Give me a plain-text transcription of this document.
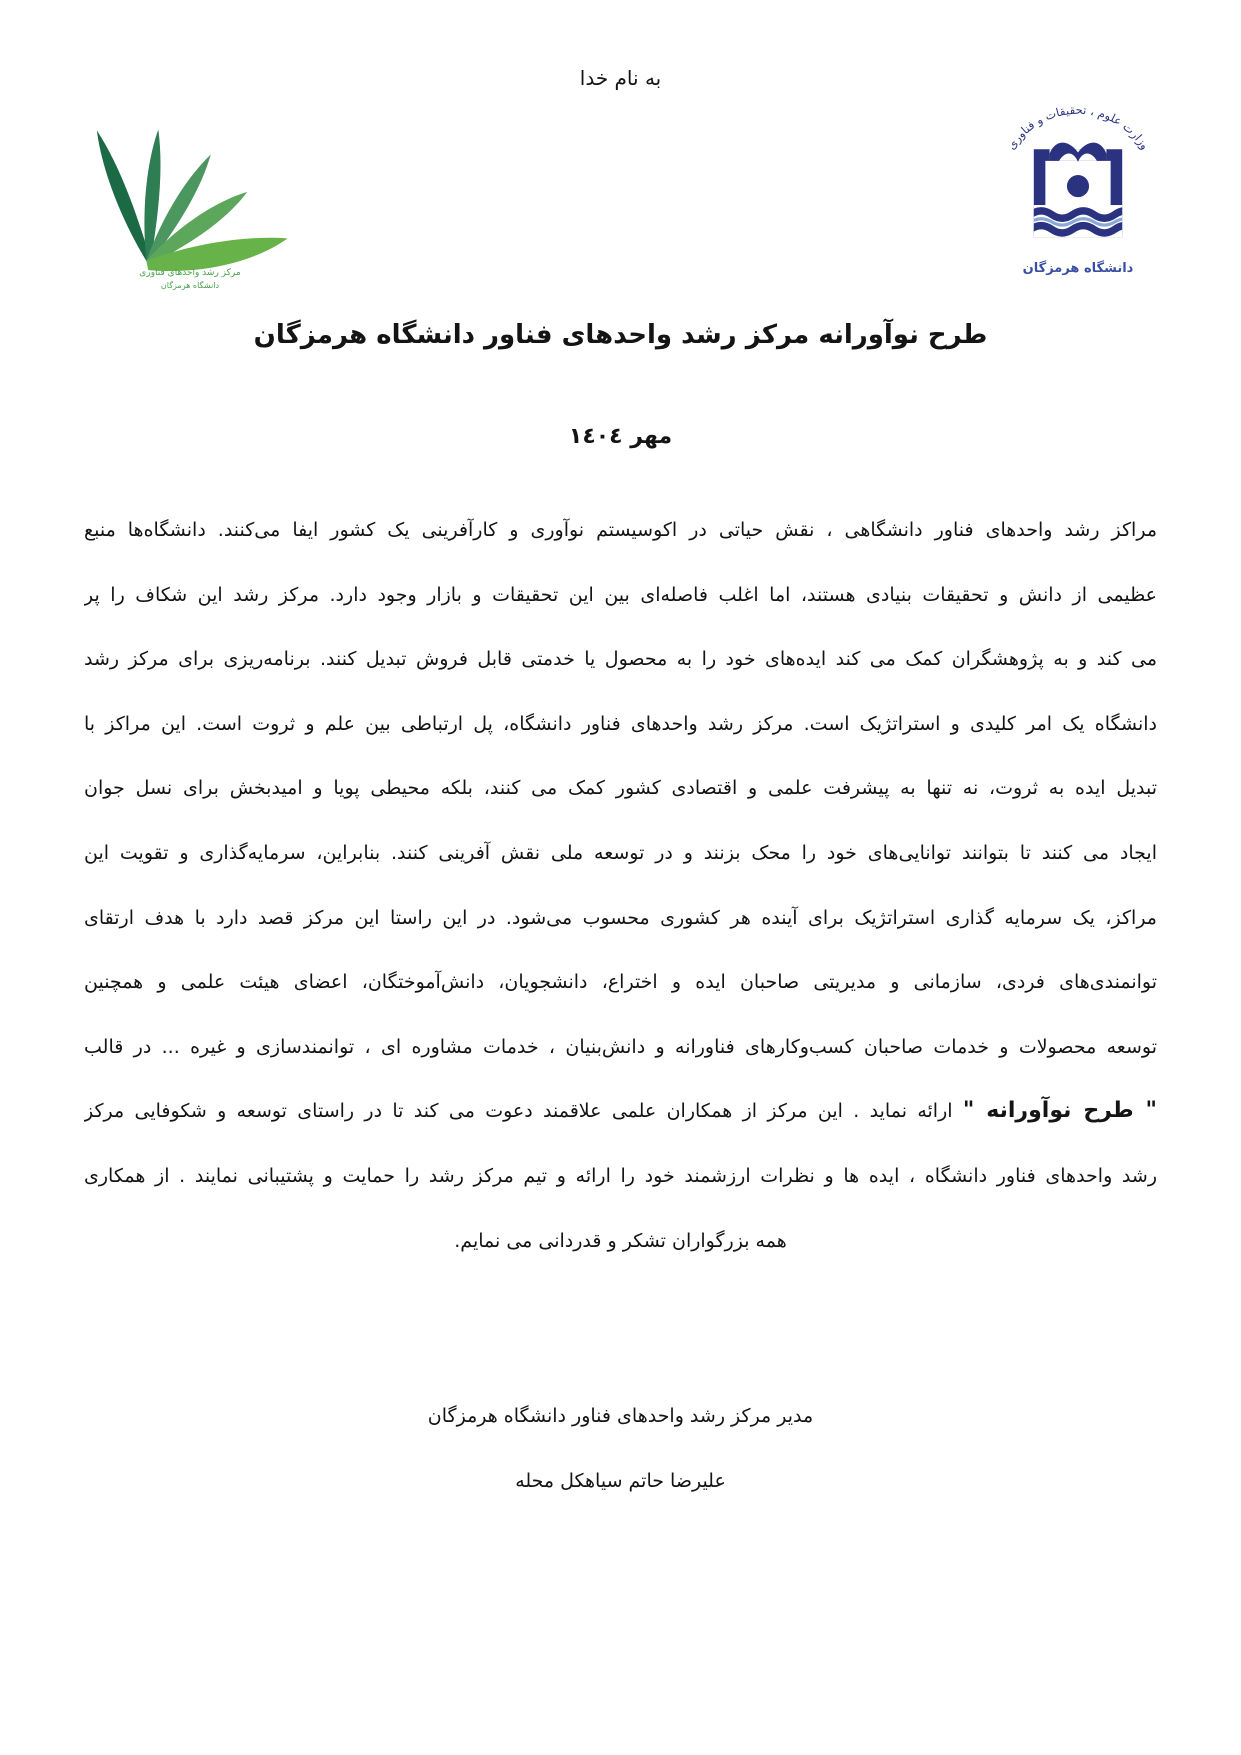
به نام خدا
مرکز رشد واحدهای فناوری
دانشگاه هرمزگان
وزارت علوم ، تحقیقات و فناوری
دانشگاه هرمزگان
طرح نوآورانه مرکز رشد واحدهای فناور دانشگاه هرمزگان
مهر ١٤٠٤
مراکز رشد واحدهای فناور دانشگاهی ، نقش حیاتی در اکوسیستم نوآوری و کارآفرینی یک کشور ایفا می‌کنند. دانشگاه‌ها منبع
عظیمی از دانش و تحقیقات بنیادی هستند، اما اغلب فاصله‌ای بین این تحقیقات و بازار وجود دارد. مرکز رشد این شکاف را پر
می کند و به پژوهشگران کمک می کند ایده‌های خود را به محصول یا خدمتی قابل فروش تبدیل کنند. برنامه‌ریزی برای مرکز رشد
دانشگاه یک امر کلیدی و استراتژیک است. مرکز رشد واحدهای فناور دانشگاه، پل ارتباطی بین علم و ثروت است. این مراکز با
تبدیل ایده به ثروت، نه تنها به پیشرفت علمی و اقتصادی کشور کمک می کنند، بلکه محیطی پویا و امیدبخش برای نسل جوان
ایجاد می کنند تا بتوانند توانایی‌های خود را محک بزنند و در توسعه ملی نقش آفرینی کنند. بنابراین، سرمایه‌گذاری و تقویت این
مراکز، یک سرمایه گذاری استراتژیک برای آینده هر کشوری محسوب می‌شود. در این راستا این مرکز قصد دارد با هدف ارتقای
توانمندی‌های فردی، سازمانی و مدیریتی صاحبان ایده و اختراع، دانشجویان، دانش‌آموختگان، اعضای هیئت علمی و همچنین
توسعه محصولات و خدمات صاحبان کسب‌وکارهای فناورانه و دانش‌بنیان ، خدمات مشاوره ای ، توانمندسازی و غیره ... در قالب
" طرح نوآورانه " ارائه نماید . این مرکز از همکاران علمی علاقمند دعوت می کند تا در راستای توسعه و شکوفایی مرکز
رشد واحدهای فناور دانشگاه ، ایده ها و نظرات ارزشمند خود را ارائه و تیم مرکز رشد را حمایت و پشتیبانی نمایند . از همکاری
همه بزرگواران تشکر و قدردانی می نمایم.
مدیر مرکز رشد واحدهای فناور دانشگاه هرمزگان
علیرضا حاتم سیاهکل محله
